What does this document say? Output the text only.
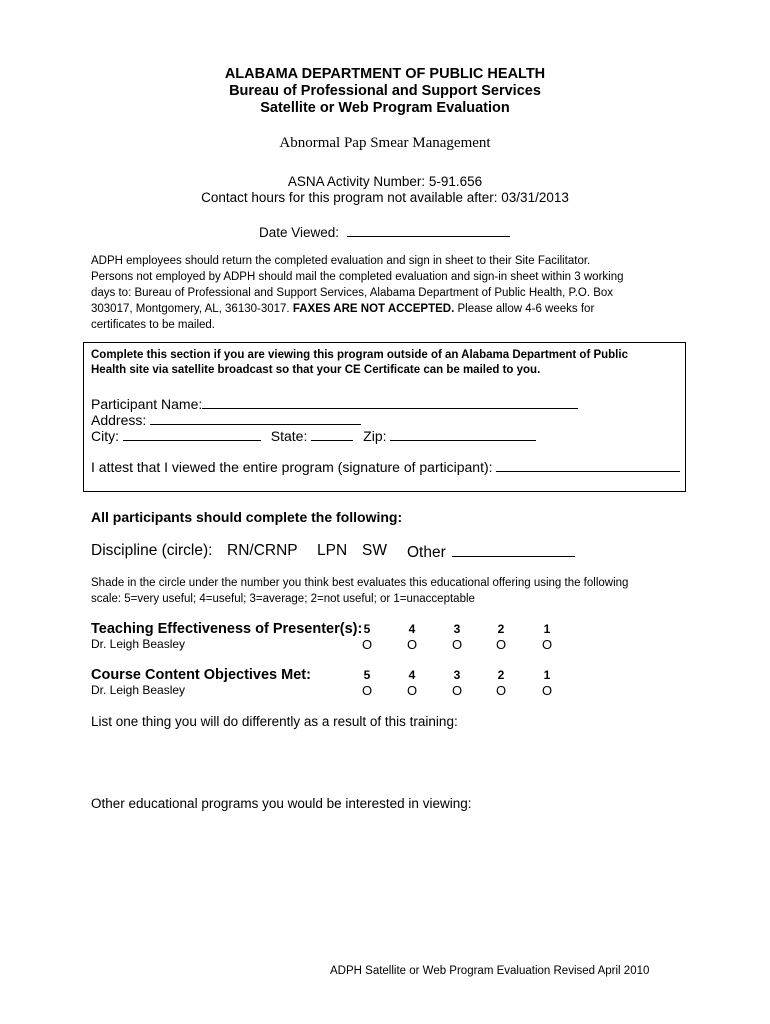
ALABAMA DEPARTMENT OF PUBLIC HEALTH
Bureau of Professional and Support Services
Satellite or Web Program Evaluation
Abnormal Pap Smear Management
ASNA Activity Number: 5-91.656
Contact hours for this program not available after: 03/31/2013
Date Viewed:
ADPH employees should return the completed evaluation and sign in sheet to their Site Facilitator.
Persons not employed by ADPH should mail the completed evaluation and sign-in sheet within 3 working
days to: Bureau of Professional and Support Services, Alabama Department of Public Health, P.O. Box
303017, Montgomery, AL, 36130-3017. FAXES ARE NOT ACCEPTED. Please allow 4-6 weeks for
certificates to be mailed.
Complete this section if you are viewing this program outside of an Alabama Department of Public
Health site via satellite broadcast so that your CE Certificate can be mailed to you.
Participant Name:
Address:
City:	State:	Zip:
I attest that I viewed the entire program (signature of participant):
All participants should complete the following:
Discipline (circle): RN/CRNP LPN SW Other
Shade in the circle under the number you think best evaluates this educational offering using the following
scale: 5=very useful; 4=useful; 3=average; 2=not useful; or 1=unacceptable
Teaching Effectiveness of Presenter(s):
Dr. Leigh Beasley
5	4	3	2	1
O	O	O	O	O
Course Content Objectives Met:
Dr. Leigh Beasley
5	4	3	2	1
O	O	O	O	O
List one thing you will do differently as a result of this training:
Other educational programs you would be interested in viewing:
ADPH Satellite or Web Program Evaluation Revised April 2010
